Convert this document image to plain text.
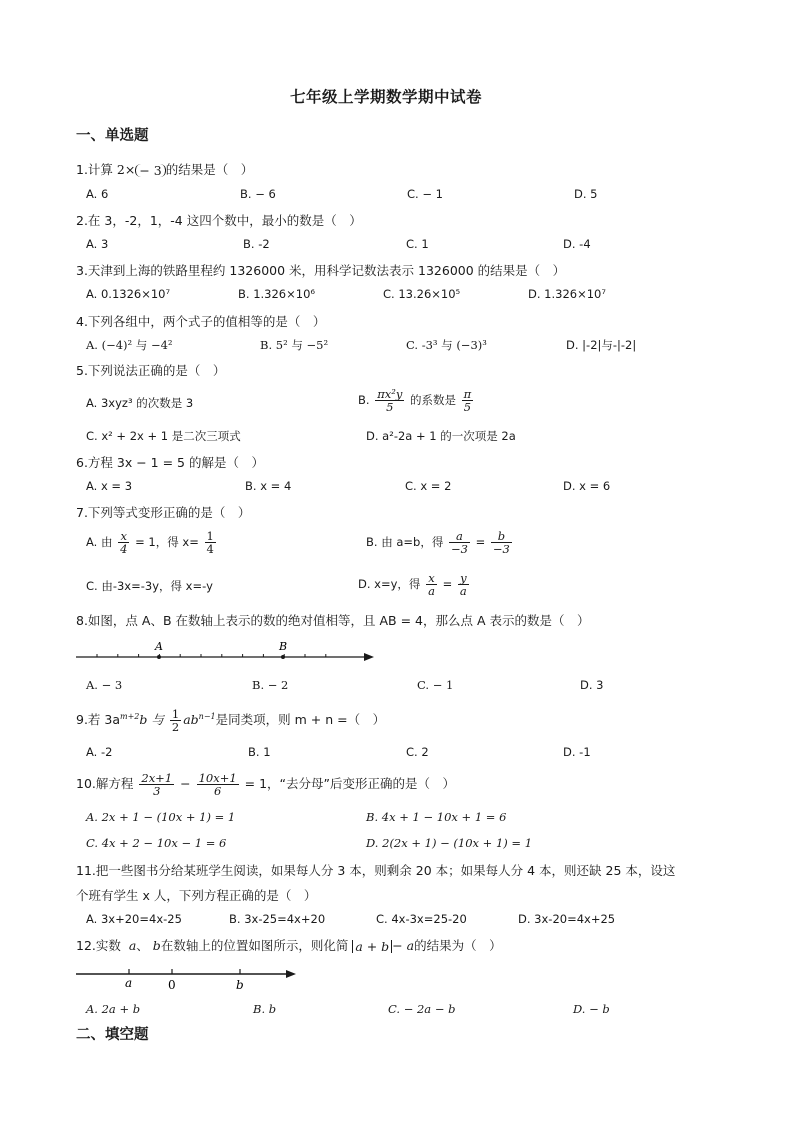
七年级上学期数学期中试卷
一、单选题
1.计算 2× − 3 的结果是（　）
A. 6	B. − 6	C. − 1	D. 5
2.在 3，-2，1，-4 这四个数中，最小的数是（　）
A. 3	B. -2	C. 1	D. -4
3.天津到上海的铁路里程约 1326000 米，用科学记数法表示 1326000 的结果是（　）
A. 0.1326×10⁷	B. 1.326×10⁶	C. 13.26×10⁵	D. 1.326×10⁷
4.下列各组中，两个式子的值相等的是（　）
A. (−4)² 与 −4²	B. 5² 与 −5²	C. -3³ 与 (−3)³	D. |-2|与-|-2|
5.下列说法正确的是（　）
A. 3xyz³ 的次数是 3	B. $\frac{\text{πx²y}}{5}$ 的系数是 $\frac{\pi}{5}$
C. x² + 2x + 1 是二次三项式	D. a²-2a + 1 的一次项是 2a
6.方程 3x − 1 = 5 的解是（　）
A. x = 3	B. x = 4	C. x = 2	D. x = 6
7.下列等式变形正确的是（　）
A. 由 $\frac{x}{4} = 1$，得 $x= \frac{1}{4}$	B. 由 a=b，得 $\frac{a}{-3} = \frac{b}{-3}$
C. 由-3x=-3y，得 x=-y	D. x=y，得 $\frac{x}{a} = \frac{y}{a}$
8.如图，点 A、B 在数轴上表示的数的绝对值相等，且 AB = 4，那么点 A 表示的数是（　）
A	B
A. − 3	B. − 2	C. − 1	D. 3
9.若 $3a^{m+2}b$ 与 $\frac{1}{2} ab^{n-1}$是同类项，则 m + n =（　）
A. -2	B. 1	C. 2	D. -1
10.解方程 $\frac{2x+1}{3} - \frac{10x+1}{6} = 1$，“去分母”后变形正确的是（　）
A. 2x + 1 − (10x + 1) = 1	B. 4x + 1 − 10x + 1 = 6
C. 4x + 2 − 10x − 1 = 6	D. 2(2x + 1) − (10x + 1) = 1
11.把一些图书分给某班学生阅读，如果每人分 3 本，则剩余 20 本；如果每人分 4 本，则还缺 25 本，设这
个班有学生 x 人，下列方程正确的是（　）
A. 3x+20=4x-25	B. 3x-25=4x+20	C. 4x-3x=25-20	D. 3x-20=4x+25
12.实数 a、 b在数轴上的位置如图所示，则化简 a + b − a的结果为（　）
a	0	b
A. 2a + b	B. b	C. − 2a − b	D. − b
二、填空题
